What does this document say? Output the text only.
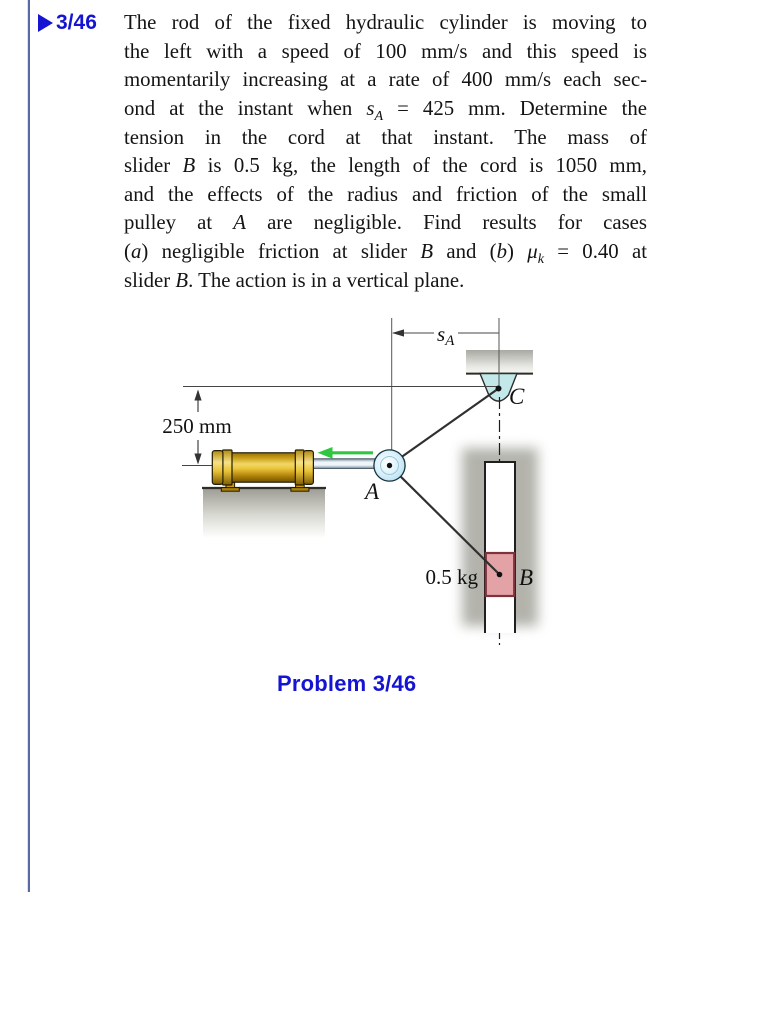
sA
250 mm
A
C
B
0.5 kg
3/46 The rod of the fixed hydraulic cylinder is moving to
the left with a speed of 100 mm/s and this speed is
momentarily increasing at a rate of 400 mm/s each sec-
ond at the instant when $s_A = 425$ mm. Determine the
tension in the cord at that instant. The mass of
slider B is 0.5 kg, the length of the cord is 1050 mm,
and the effects of the radius and friction of the small
pulley at A are negligible. Find results for cases
(a) negligible friction at slider B and (b) $\mu_k = 0.40$ at
slider B. The action is in a vertical plane.
Problem 3/46
